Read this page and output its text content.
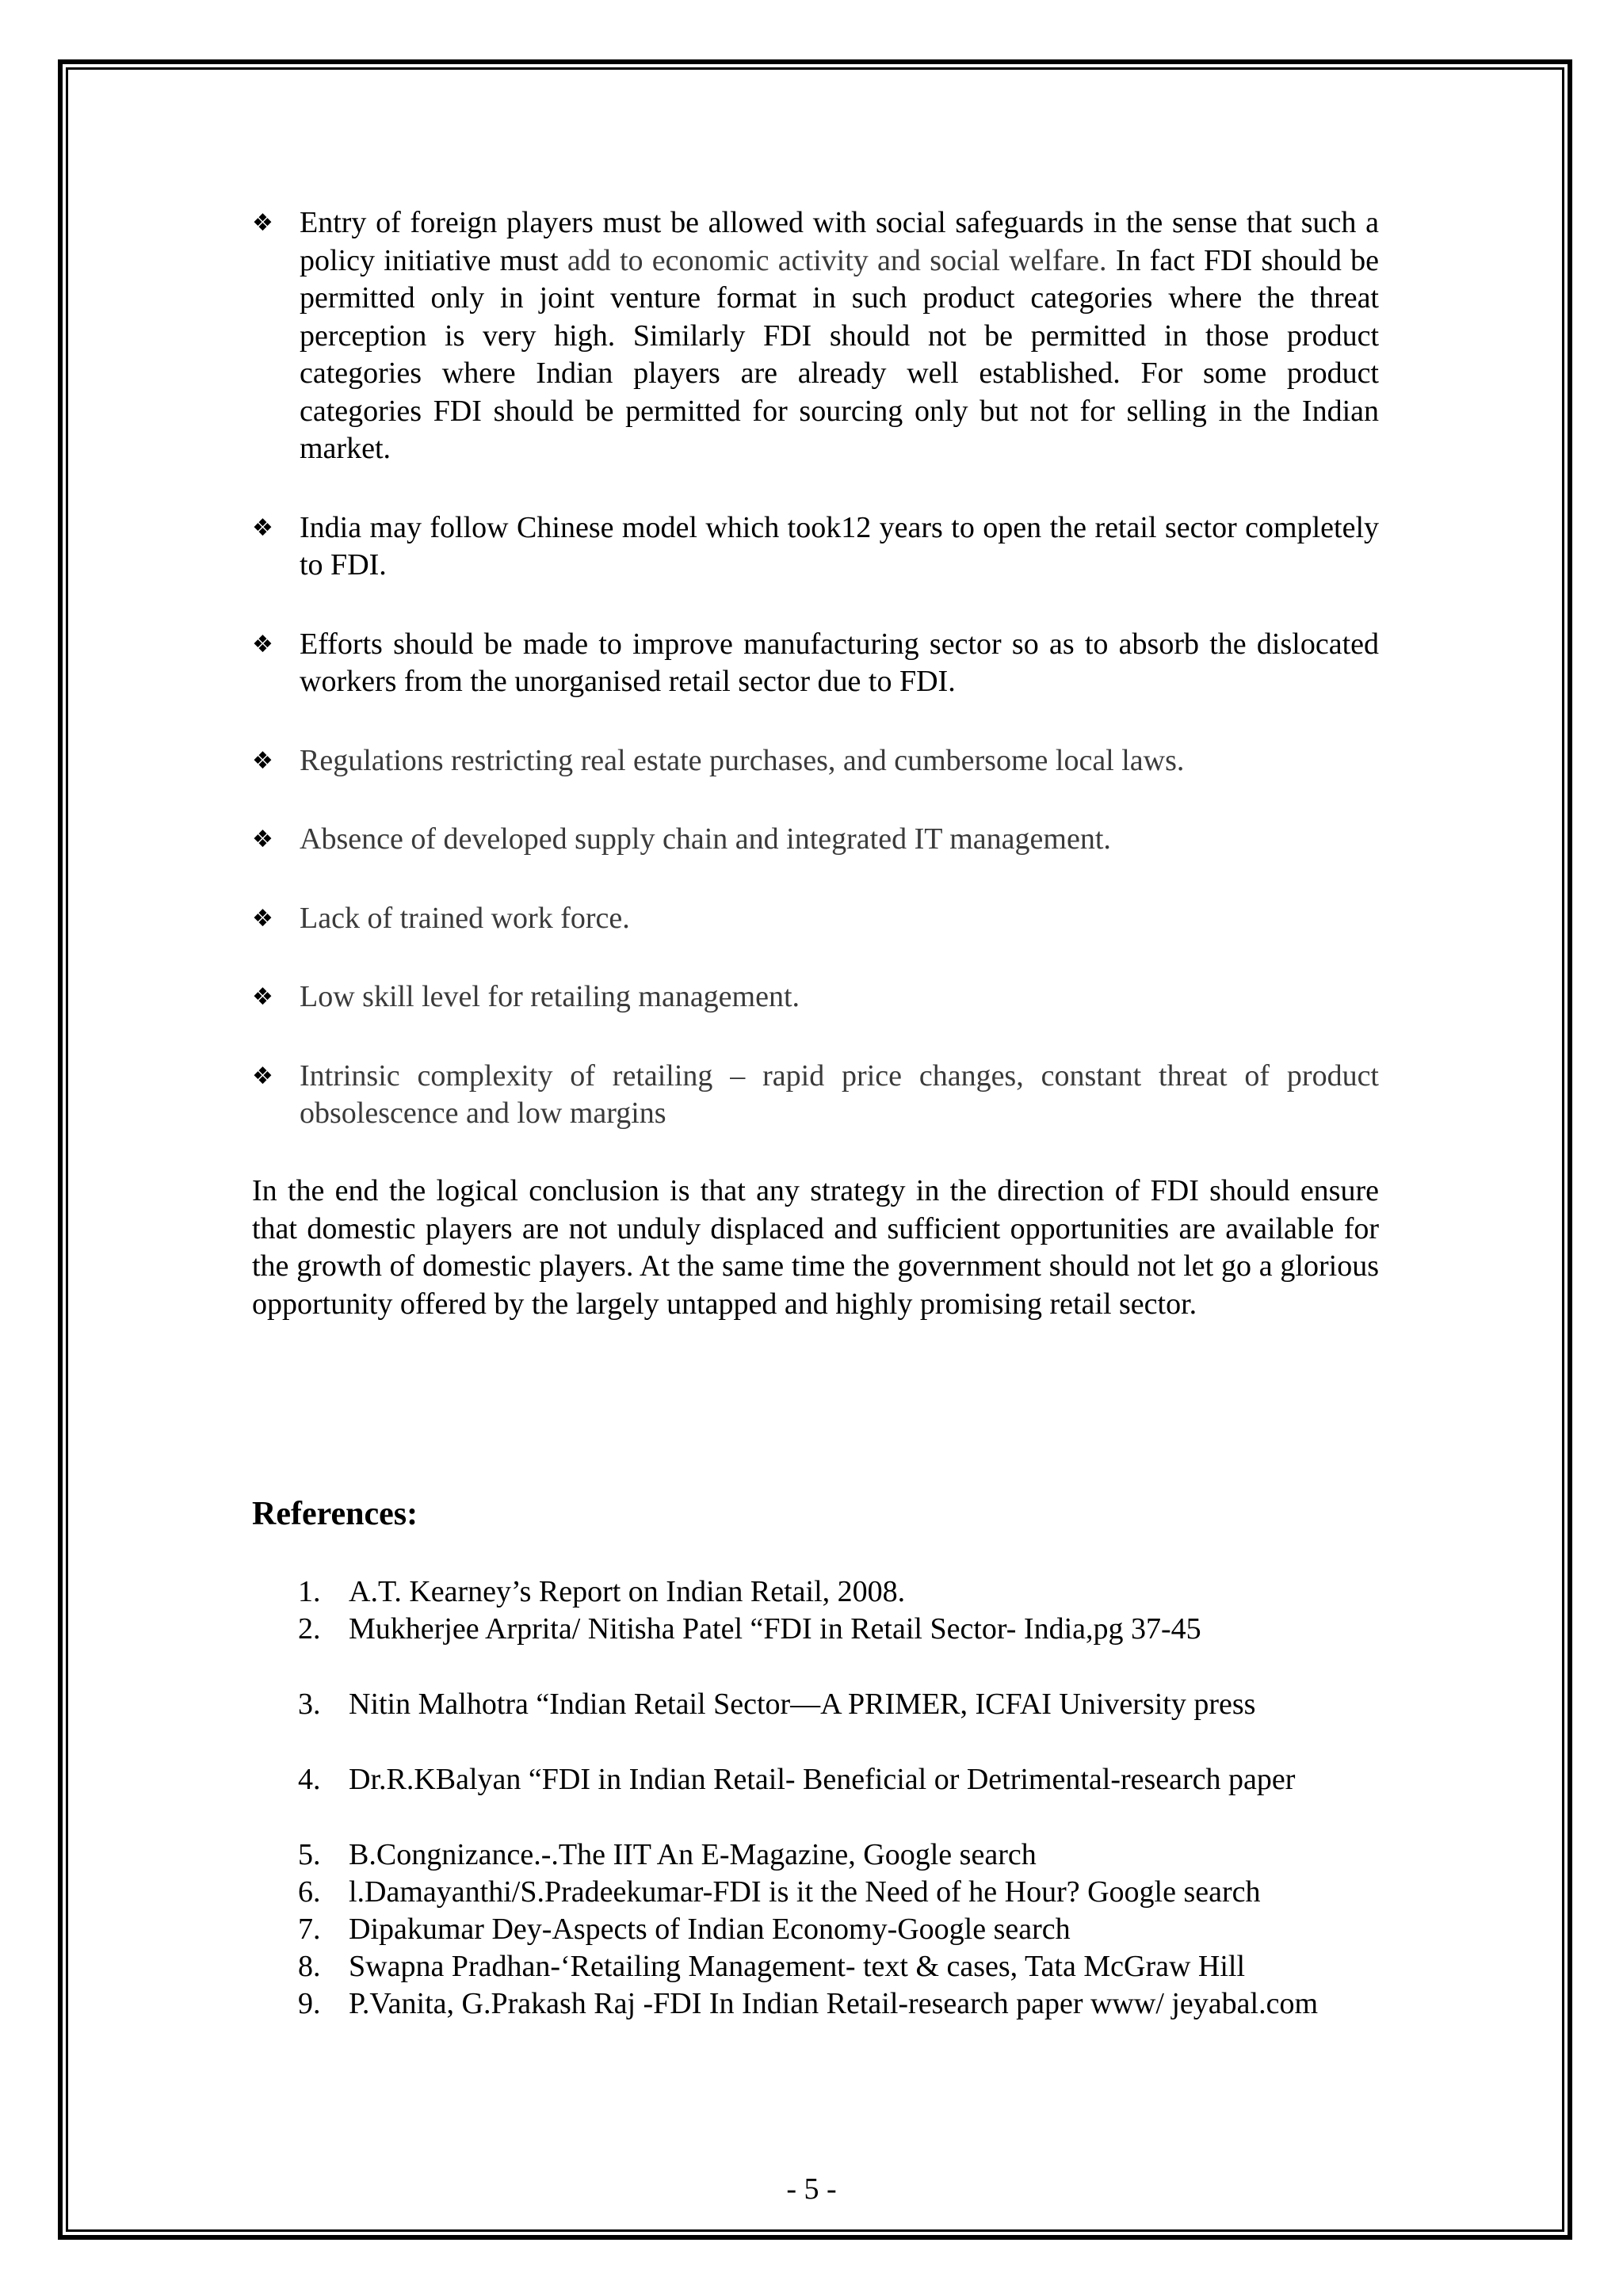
❖ Entry of foreign players must be allowed with social safeguards in the sense that such a policy initiative must add to economic activity and social welfare. In fact FDI should be permitted only in joint venture format in such product categories where the threat perception is very high. Similarly FDI should not be permitted in those product categories where Indian players are already well established. For some product categories FDI should be permitted for sourcing only but not for selling in the Indian market.
❖ India may follow Chinese model which took12 years to open the retail sector completely to FDI.
❖ Efforts should be made to improve manufacturing sector so as to absorb the dislocated workers from the unorganised retail sector due to FDI.
❖ Regulations restricting real estate purchases, and cumbersome local laws.
❖ Absence of developed supply chain and integrated IT management.
❖ Lack of trained work force.
❖ Low skill level for retailing management.
❖ Intrinsic complexity of retailing – rapid price changes, constant threat of product obsolescence and low margins

In the end the logical conclusion is that any strategy in the direction of FDI should ensure that domestic players are not unduly displaced and sufficient opportunities are available for the growth of domestic players. At the same time the government should not let go a glorious opportunity offered by the largely untapped and highly promising retail sector.

References:
1. A.T. Kearney’s Report on Indian Retail, 2008.
2. Mukherjee Arprita/ Nitisha Patel “FDI in Retail Sector- India,pg 37-45
3. Nitin Malhotra “Indian Retail Sector—A PRIMER, ICFAI University press
4. Dr.R.KBalyan “FDI in Indian Retail- Beneficial or Detrimental-research paper
5. B.Congnizance.-.The IIT An E-Magazine, Google search
6. l.Damayanthi/S.Pradeekumar-FDI is it the Need of he Hour? Google search
7. Dipakumar Dey-Aspects of Indian Economy-Google search
8. Swapna Pradhan-‘Retailing Management- text & cases, Tata McGraw Hill
9. P.Vanita, G.Prakash Raj -FDI In Indian Retail-research paper www/ jeyabal.com
- 5 -
